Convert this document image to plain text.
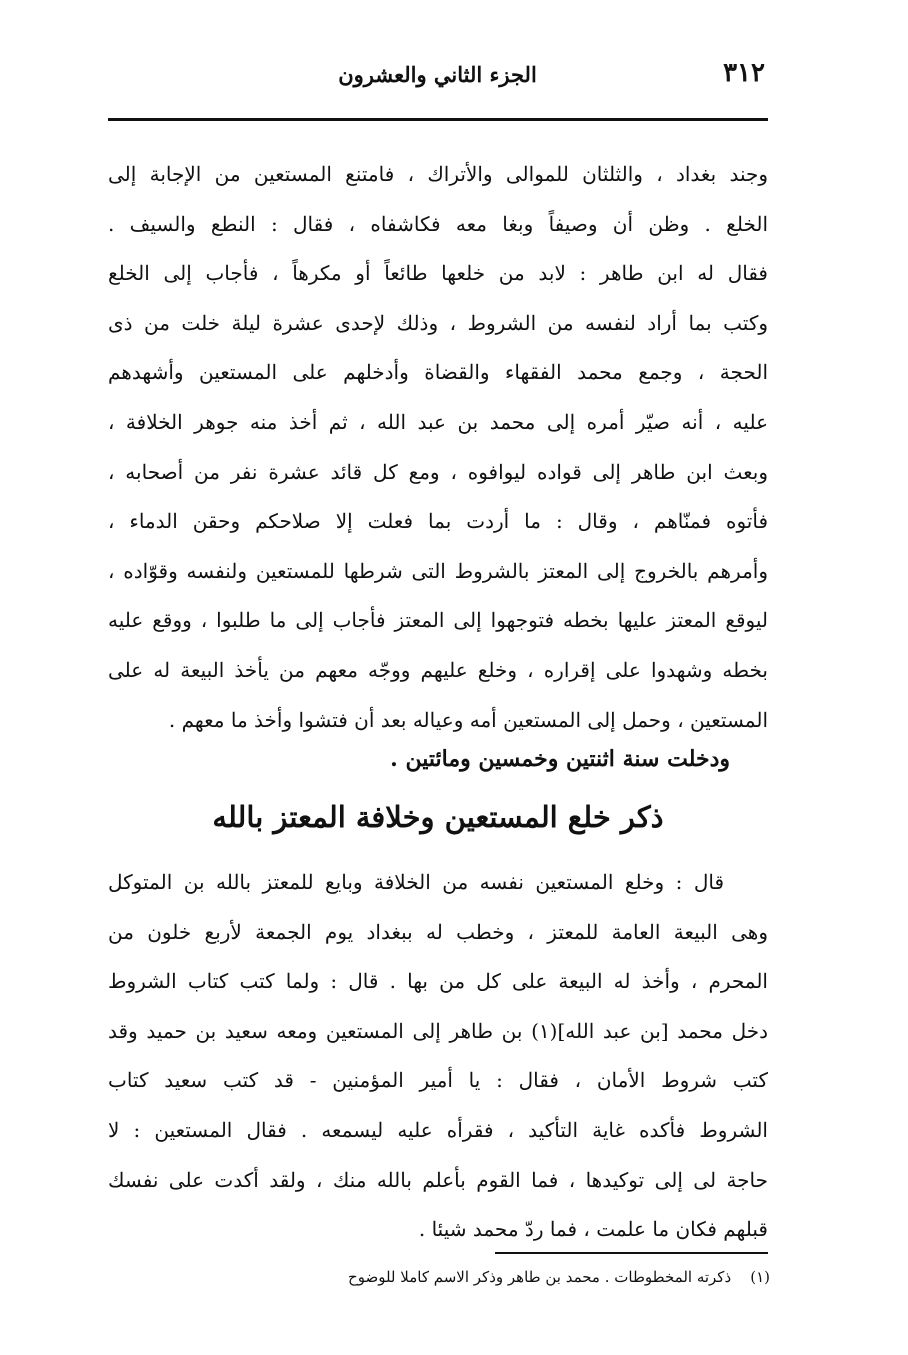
٣١٢
الجزء الثاني والعشرون
وجند بغداد ، والثلثان للموالى والأتراك ، فامتنع المستعين من الإجابة إلى
الخلع . وظن أن وصيفاً وبغا معه فكاشفاه ، فقال : النطع والسيف .
فقال له ابن طاهر : لابد من خلعها طائعاً أو مكرهاً ، فأجاب إلى الخلع
وكتب بما أراد لنفسه من الشروط ، وذلك لإحدى عشرة ليلة خلت من ذى
الحجة ، وجمع محمد الفقهاء والقضاة وأدخلهم على المستعين وأشهدهم
عليه ، أنه صيّر أمره إلى محمد بن عبد الله ، ثم أخذ منه جوهر الخلافة ،
وبعث ابن طاهر إلى قواده ليوافوه ، ومع كل قائد عشرة نفر من أصحابه ،
فأتوه فمنّاهم ، وقال : ما أردت بما فعلت إلا صلاحكم وحقن الدماء ،
وأمرهم بالخروج إلى المعتز بالشروط التى شرطها للمستعين ولنفسه وقوّاده ،
ليوقع المعتز عليها بخطه فتوجهوا إلى المعتز فأجاب إلى ما طلبوا ، ووقع عليه
بخطه وشهدوا على إقراره ، وخلع عليهم ووجّه معهم من يأخذ البيعة له على
المستعين ، وحمل إلى المستعين أمه وعياله بعد أن فتشوا وأخذ ما معهم .
ودخلت سنة اثنتين وخمسين ومائتين .
ذكر خلع المستعين وخلافة المعتز بالله
قال : وخلع المستعين نفسه من الخلافة وبايع للمعتز بالله بن المتوكل
وهى البيعة العامة للمعتز ، وخطب له ببغداد يوم الجمعة لأربع خلون من
المحرم ، وأخذ له البيعة على كل من بها . قال : ولما كتب كتاب الشروط
دخل محمد [بن عبد الله](١) بن طاهر إلى المستعين ومعه سعيد بن حميد وقد
كتب شروط الأمان ، فقال : يا أمير المؤمنين - قد كتب سعيد كتاب
الشروط فأكده غاية التأكيد ، فقرأه عليه ليسمعه . فقال المستعين : لا
حاجة لى إلى توكيدها ، فما القوم بأعلم بالله منك ، ولقد أكدت على نفسك
قبلهم فكان ما علمت ، فما ردّ محمد شيئا .
(١)    ذكرته المخطوطات . محمد بن طاهر وذكر الاسم كاملا للوضوح
